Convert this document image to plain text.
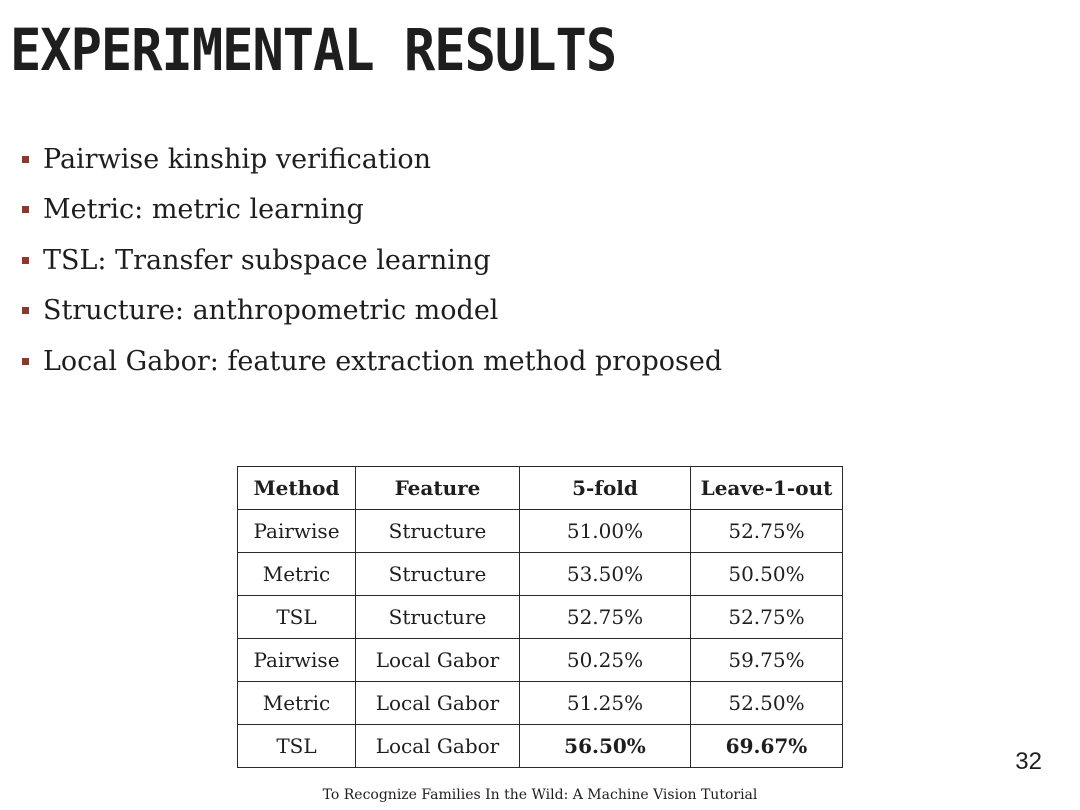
EXPERIMENTAL RESULTS
Pairwise kinship verification
Metric: metric learning
TSL: Transfer subspace learning
Structure: anthropometric model
Local Gabor: feature extraction method proposed
Method	Feature	5-fold	Leave-1-out
Pairwise	Structure	51.00%	52.75%
Metric	Structure	53.50%	50.50%
TSL	Structure	52.75%	52.75%
Pairwise	Local Gabor	50.25%	59.75%
Metric	Local Gabor	51.25%	52.50%
TSL	Local Gabor	56.50%	69.67%
32
To Recognize Families In the Wild: A Machine Vision Tutorial
